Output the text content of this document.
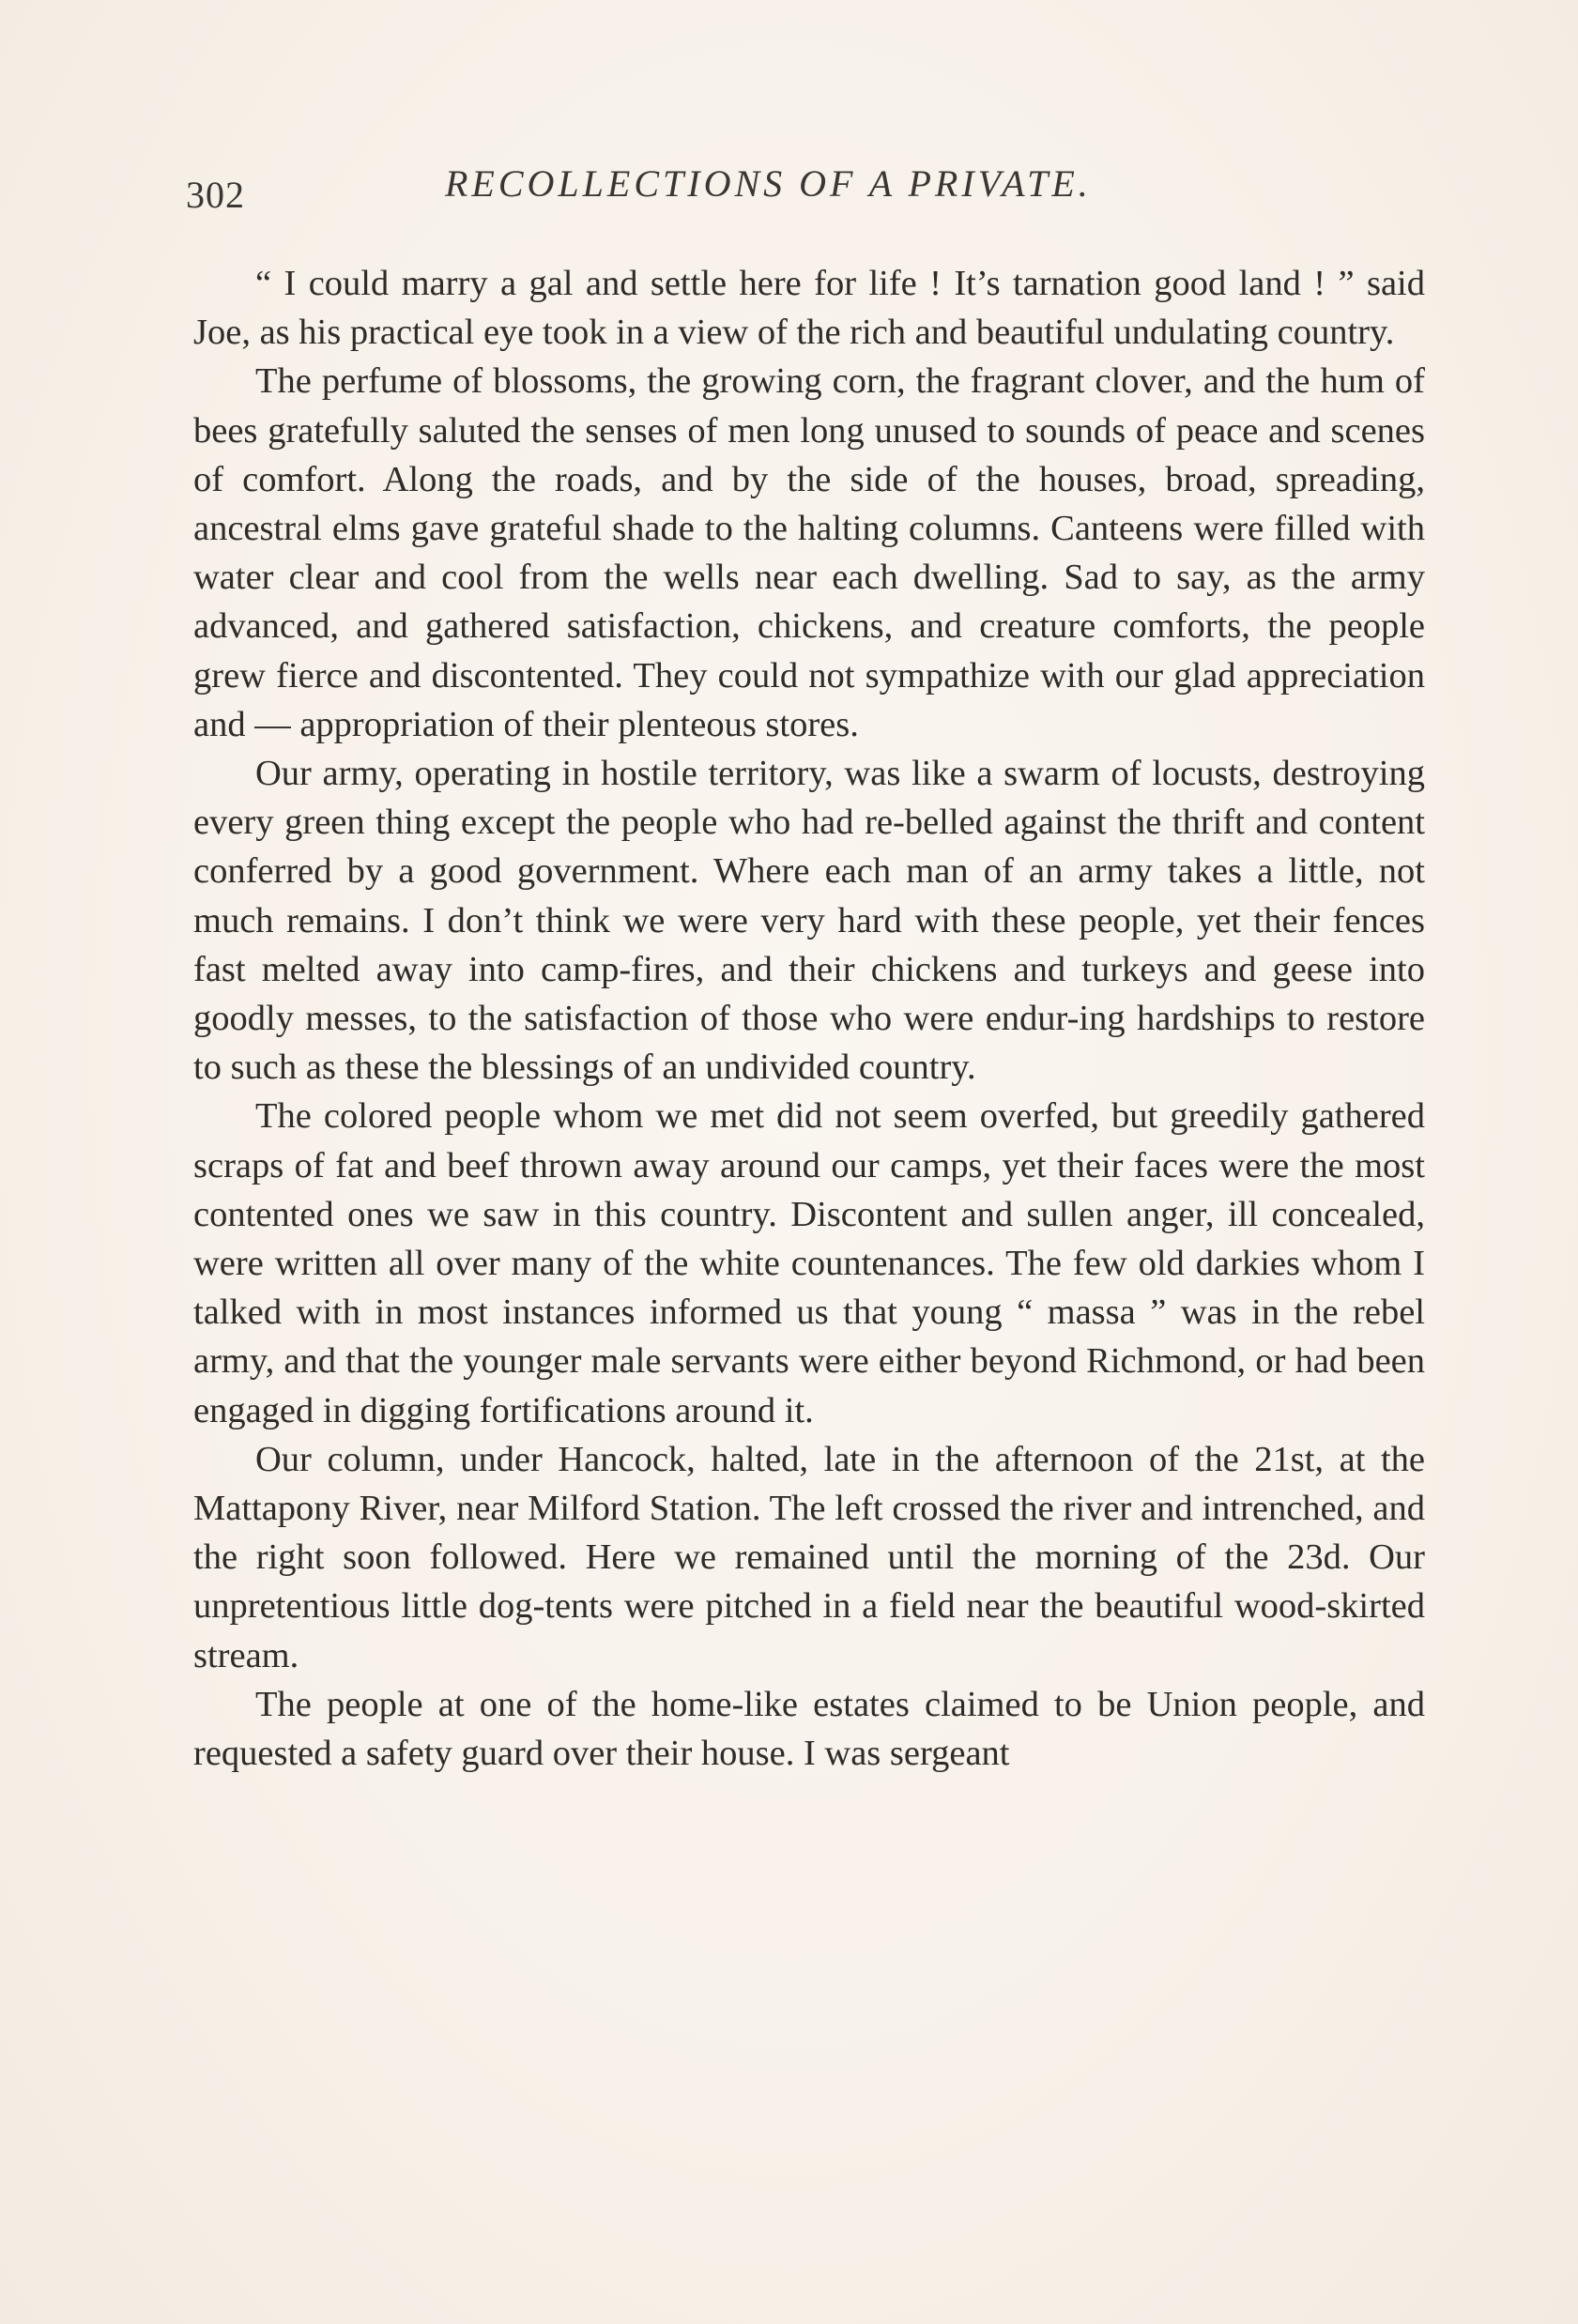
302	RECOLLECTIONS OF A PRIVATE.

“ I could marry a gal and settle here for life ! It’s tarnation good land ! ” said Joe, as his practical eye took in a view of the rich and beautiful undulating country.

The perfume of blossoms, the growing corn, the fragrant clover, and the hum of bees gratefully saluted the senses of men long unused to sounds of peace and scenes of comfort. Along the roads, and by the side of the houses, broad, spreading, ancestral elms gave grateful shade to the halting columns. Canteens were filled with water clear and cool from the wells near each dwelling. Sad to say, as the army advanced, and gathered satisfaction, chickens, and creature comforts, the people grew fierce and discontented. They could not sympathize with our glad appreciation and — appropriation of their plenteous stores.

Our army, operating in hostile territory, was like a swarm of locusts, destroying every green thing except the people who had re-belled against the thrift and content conferred by a good government. Where each man of an army takes a little, not much remains. I don’t think we were very hard with these people, yet their fences fast melted away into camp-fires, and their chickens and turkeys and geese into goodly messes, to the satisfaction of those who were endur-ing hardships to restore to such as these the blessings of an undivided country.

The colored people whom we met did not seem overfed, but greedily gathered scraps of fat and beef thrown away around our camps, yet their faces were the most contented ones we saw in this country. Discontent and sullen anger, ill concealed, were written all over many of the white countenances. The few old darkies whom I talked with in most instances informed us that young “ massa ” was in the rebel army, and that the younger male servants were either beyond Richmond, or had been engaged in digging fortifications around it.

Our column, under Hancock, halted, late in the afternoon of the 21st, at the Mattapony River, near Milford Station. The left crossed the river and intrenched, and the right soon followed. Here we remained until the morning of the 23d. Our unpretentious little dog-tents were pitched in a field near the beautiful wood-skirted stream.

The people at one of the home-like estates claimed to be Union people, and requested a safety guard over their house. I was sergeant
